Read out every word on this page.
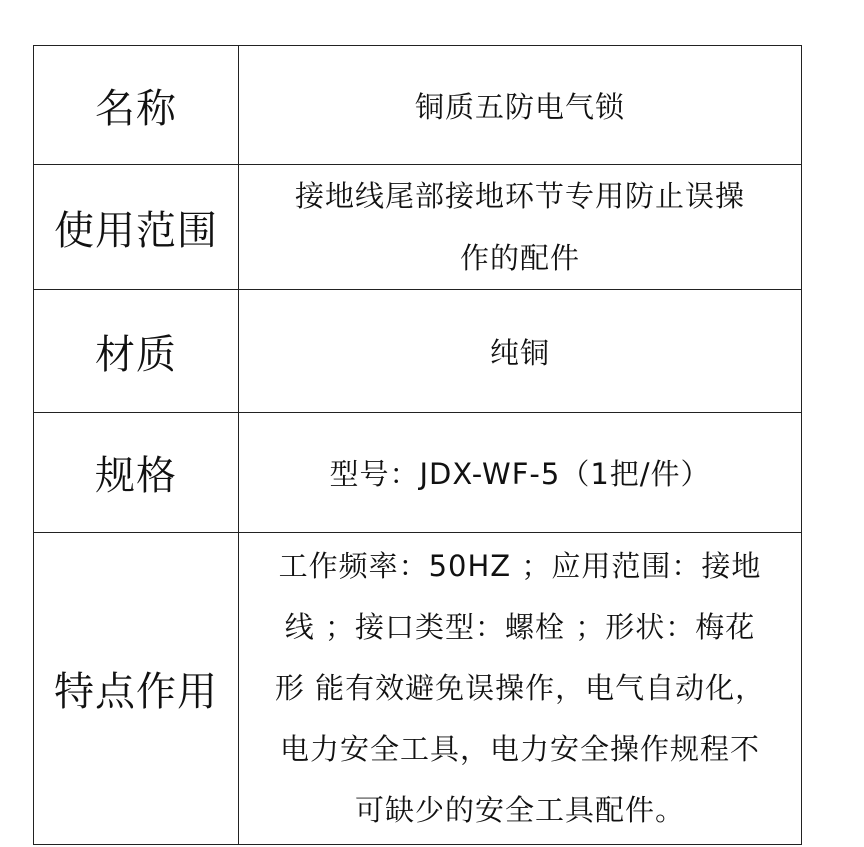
名称	铜质五防电气锁
使用范围	接地线尾部接地环节专用防止误操
作的配件

材质	纯铜
规格	型号：JDX-WF-5（1把/件）
特点作用	工作频率：50HZ ；应用范围：接地
线 ；接口类型：螺栓 ；形状：梅花
形 能有效避免误操作，电气自动化，
电力安全工具，电力安全操作规程不
可缺少的安全工具配件。
